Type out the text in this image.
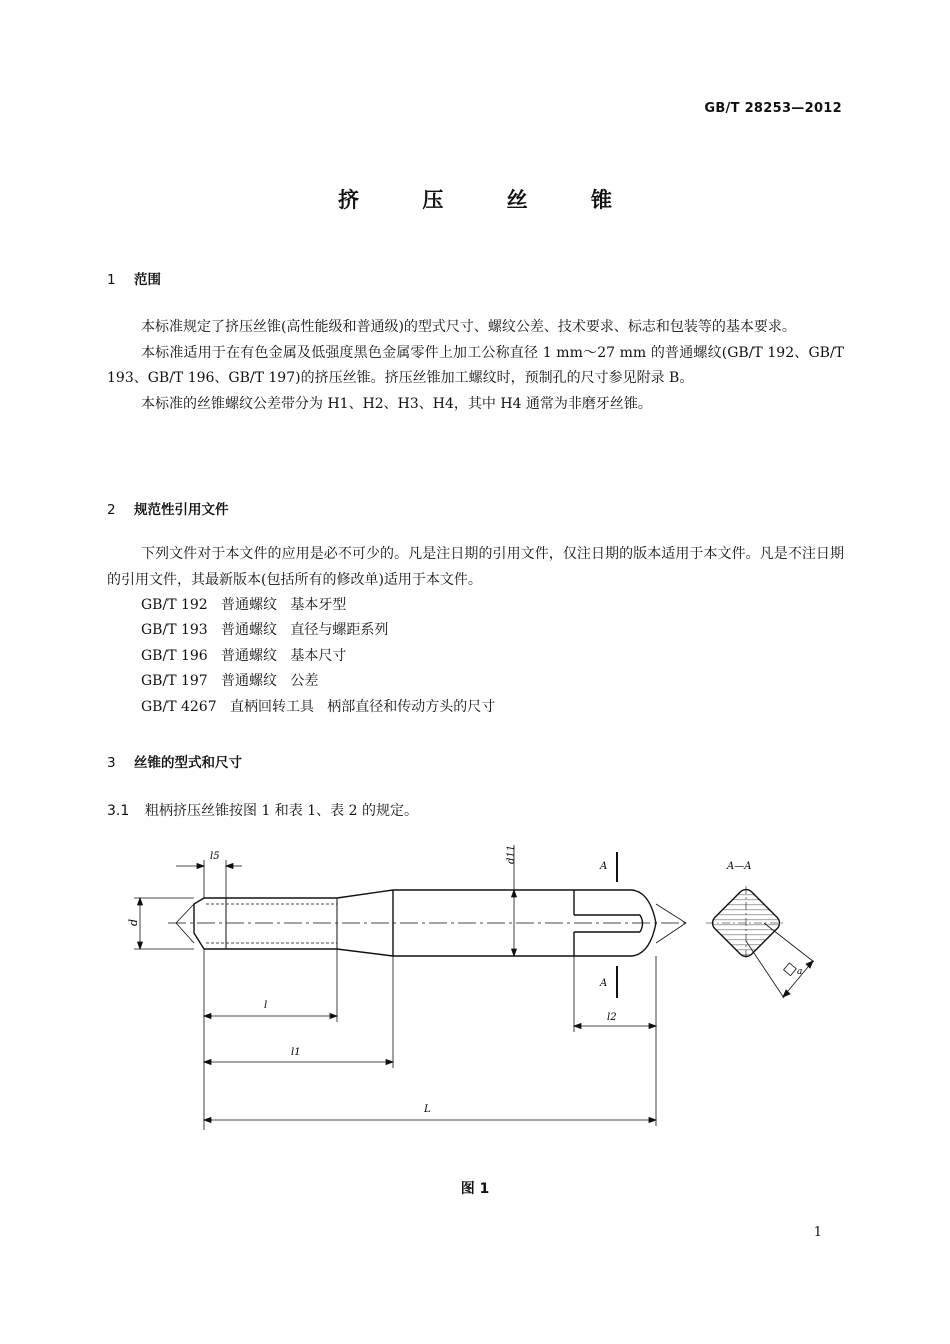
GB/T 28253—2012
挤 压 丝 锥
1 范围

本标准规定了挤压丝锥(高性能级和普通级)的型式尺寸、螺纹公差、技术要求、标志和包装等的基本要求。

本标准适用于在有色金属及低强度黑色金属零件上加工公称直径 1 mm～27 mm 的普通螺纹(GB/T 192、GB/T 193、GB/T 196、GB/T 197)的挤压丝锥。挤压丝锥加工螺纹时，预制孔的尺寸参见附录 B。

本标准的丝锥螺纹公差带分为 H1、H2、H3、H4，其中 H4 通常为非磨牙丝锥。

2 规范性引用文件

下列文件对于本文件的应用是必不可少的。凡是注日期的引用文件，仅注日期的版本适用于本文件。凡是不注日期的引用文件，其最新版本(包括所有的修改单)适用于本文件。

GB/T 192   普通螺纹   基本牙型
GB/T 193   普通螺纹   直径与螺距系列
GB/T 196   普通螺纹   基本尺寸
GB/T 197   普通螺纹   公差
GB/T 4267   直柄回转工具   柄部直径和传动方头的尺寸
3 丝锥的型式和尺寸
3.1 粗柄挤压丝锥按图 1 和表 1、表 2 的规定。
d
l5	d11
A
A
A—A
a
l2
l
l1
L
图 1
1
